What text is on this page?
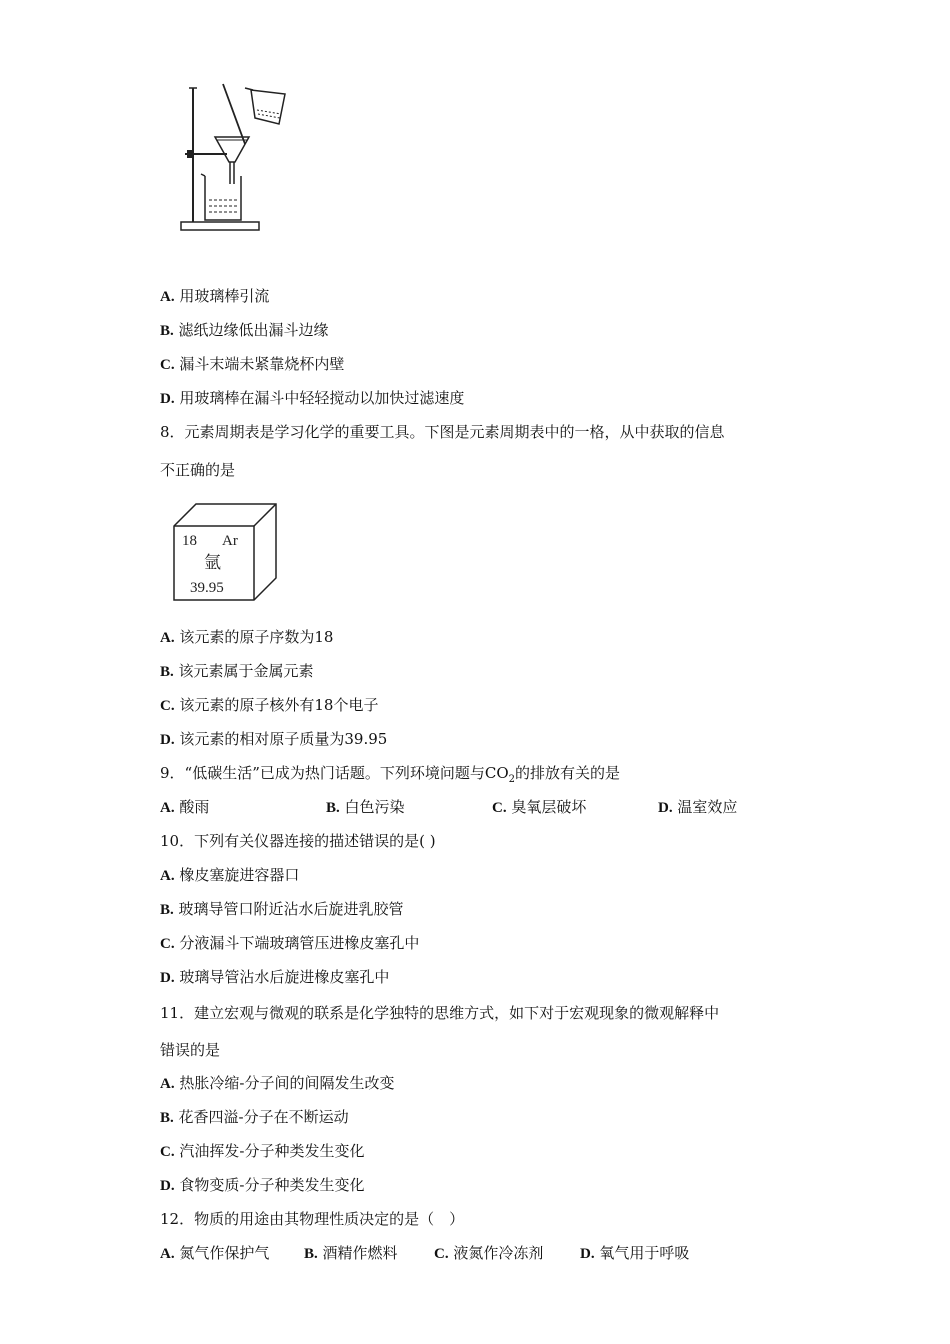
A. 用玻璃棒引流
B. 滤纸边缘低出漏斗边缘
C. 漏斗末端未紧靠烧杯内壁
D. 用玻璃棒在漏斗中轻轻搅动以加快过滤速度
8．元素周期表是学习化学的重要工具。下图是元素周期表中的一格，从中获取的信息
不正确的是
18 Ar
氩
39.95
A. 该元素的原子序数为18
B. 该元素属于金属元素
C. 该元素的原子核外有18个电子
D. 该元素的相对原子质量为39.95
9．“低碳生活”已成为热门话题。下列环境问题与$CO_2$的排放有关的是
A. 酸雨	B. 白色污染	C. 臭氧层破坏	D. 温室效应
10．下列有关仪器连接的描述错误的是( )
A. 橡皮塞旋进容器口
B. 玻璃导管口附近沾水后旋进乳胶管
C. 分液漏斗下端玻璃管压进橡皮塞孔中
D. 玻璃导管沾水后旋进橡皮塞孔中
11．建立宏观与微观的联系是化学独特的思维方式，如下对于宏观现象的微观解释中
错误的是
A. 热胀冷缩-分子间的间隔发生改变
B. 花香四溢-分子在不断运动
C. 汽油挥发-分子种类发生变化
D. 食物变质-分子种类发生变化
12．物质的用途由其物理性质决定的是（　）
A. 氮气作保护气 B. 酒精作燃料 C. 液氮作冷冻剂 D. 氧气用于呼吸
